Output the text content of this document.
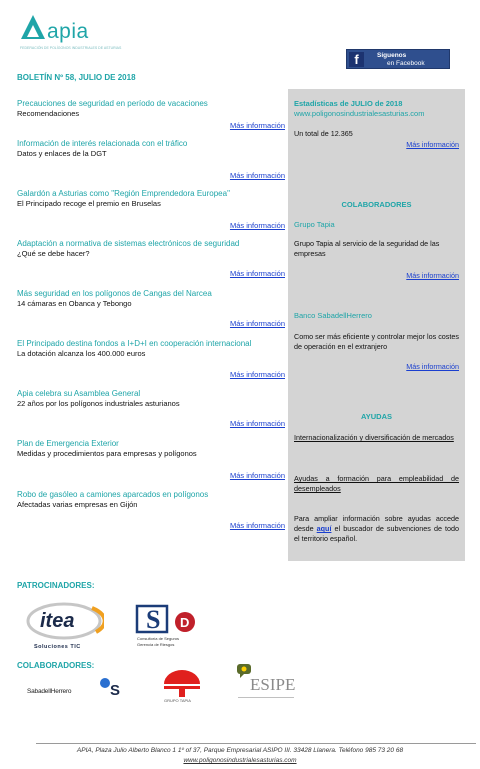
apia
FEDERACIÓN DE POLÍGONOS INDUSTRIALES DE ASTURIAS
f	Síguenos
en Facebook
BOLETÍN Nº 58, JULIO DE 2018
Precauciones de seguridad en período de vacaciones
Recomendaciones
Más información
Información de interés relacionada con el tráfico
Datos y enlaces de la DGT
Más información
Galardón a Asturias como "Región Emprendedora Europea"
El Principado recoge el premio en Bruselas
Más información
Adaptación a normativa de sistemas electrónicos de seguridad
¿Qué se debe hacer?
Más información
Más seguridad en los polígonos de Cangas del Narcea
14 cámaras en Obanca y Tebongo
Más información
El Principado destina fondos a I+D+I en cooperación internacional
La dotación alcanza los 400.000 euros
Más información
Apia celebra su Asamblea General
22 años por los polígonos industriales asturianos
Más información
Plan de Emergencia Exterior
Medidas y procedimientos para empresas y polígonos
Más información
Robo de gasóleo a camiones aparcados en polígonos
Afectadas varias empresas en Gijón
Más información
Estadísticas de JULIO de 2018
www.poligonosindustrialesasturias.com
Un total de 12.365
Más información
COLABORADORES
Grupo Tapia
Grupo Tapia al servicio de la seguridad de las empresas
Más información
Banco SabadellHerrero
Como ser más eficiente y controlar mejor los costes de operación en el extranjero
Más información
AYUDAS
Internacionalización y diversificación de mercados
Ayudas a formación para empleabilidad de desempleados
Para ampliar información sobre ayudas accede desde aquí el buscador de subvenciones de todo el territorio español.
PATROCINADORES:
itea
Soluciones TIC
S D
Consultoría de Seguros
Gerencia de Riesgos
COLABORADORES:
SabadellHerrero	S
GRUPO TAPIA
ESIPE
APIA, Plaza Julio Alberto Blanco 1 1º of 37, Parque Empresarial ASIPO III. 33428 Llanera. Teléfono 985 73 20 68
www.poligonosindustrialesasturias.com
